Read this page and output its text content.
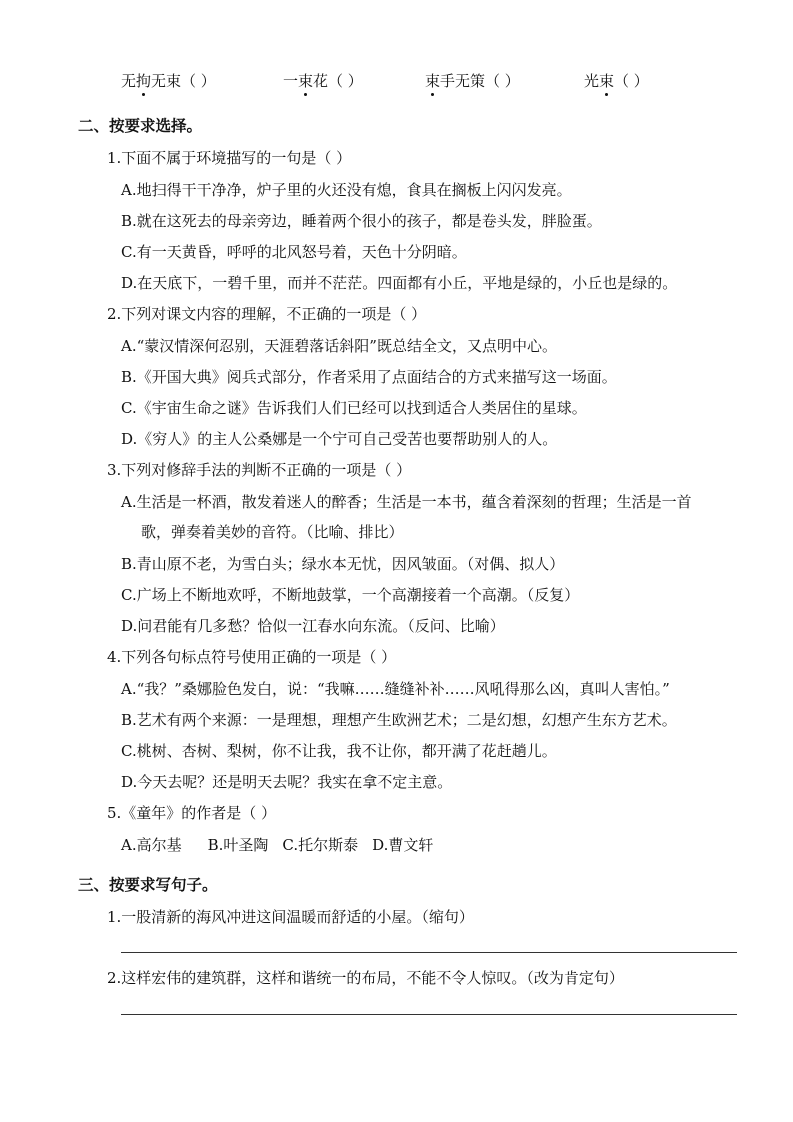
无拘无束（ ）	一束花（ ）	束手无策（ ）	光束（ ）
二、按要求选择。
1.下面不属于环境描写的一句是（ ）
A.地扫得干干净净，炉子里的火还没有熄，食具在搁板上闪闪发亮。
B.就在这死去的母亲旁边，睡着两个很小的孩子，都是卷头发，胖脸蛋。
C.有一天黄昏，呼呼的北风怒号着，天色十分阴暗。
D.在天底下，一碧千里，而并不茫茫。四面都有小丘，平地是绿的，小丘也是绿的。
2.下列对课文内容的理解，不正确的一项是（ ）
A.“蒙汉情深何忍别，天涯碧落话斜阳”既总结全文，又点明中心。
B.《开国大典》阅兵式部分，作者采用了点面结合的方式来描写这一场面。
C.《宇宙生命之谜》告诉我们人们已经可以找到适合人类居住的星球。
D.《穷人》的主人公桑娜是一个宁可自己受苦也要帮助别人的人。
3.下列对修辞手法的判断不正确的一项是（ ）
A.生活是一杯酒，散发着迷人的醉香；生活是一本书，蕴含着深刻的哲理；生活是一首
歌，弹奏着美妙的音符。（比喻、排比）
B.青山原不老，为雪白头；绿水本无忧，因风皱面。（对偶、拟人）
C.广场上不断地欢呼，不断地鼓掌，一个高潮接着一个高潮。（反复）
D.问君能有几多愁？恰似一江春水向东流。（反问、比喻）
4.下列各句标点符号使用正确的一项是（ ）
A.“我？”桑娜脸色发白，说：“我嘛……缝缝补补……风吼得那么凶，真叫人害怕。”
B.艺术有两个来源：一是理想，理想产生欧洲艺术；二是幻想，幻想产生东方艺术。
C.桃树、杏树、梨树，你不让我，我不让你，都开满了花赶趟儿。
D.今天去呢？还是明天去呢？我实在拿不定主意。
5.《童年》的作者是（ ）
A.高尔基 B.叶圣陶 C.托尔斯泰 D.曹文轩
三、按要求写句子。
1.一股清新的海风冲进这间温暖而舒适的小屋。（缩句）
2.这样宏伟的建筑群，这样和谐统一的布局，不能不令人惊叹。（改为肯定句）
